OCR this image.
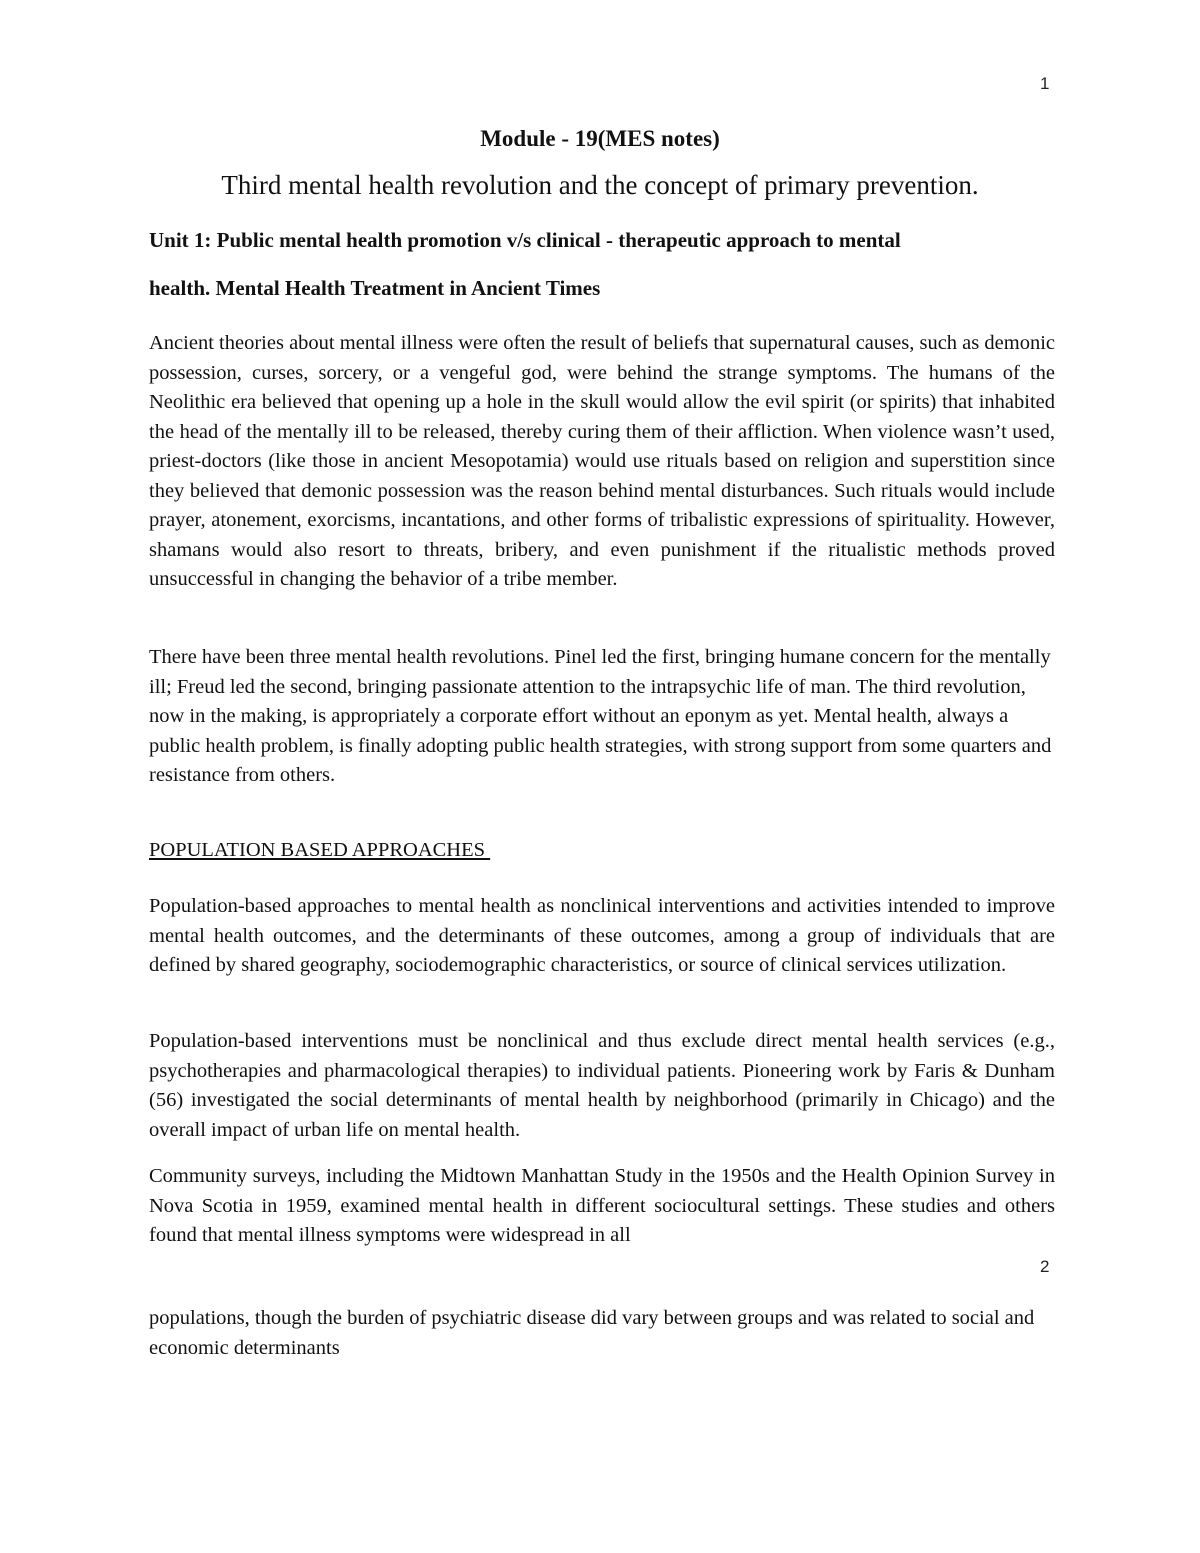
1
Module - 19(MES notes)
Third mental health revolution and the concept of primary prevention.
Unit 1: Public mental health promotion v/s clinical - therapeutic approach to mental
health. Mental Health Treatment in Ancient Times

Ancient theories about mental illness were often the result of beliefs that supernatural causes, such as demonic possession, curses, sorcery, or a vengeful god, were behind the strange symptoms. The humans of the Neolithic era believed that opening up a hole in the skull would allow the evil spirit (or spirits) that inhabited the head of the mentally ill to be released, thereby curing them of their affliction. When violence wasn’t used, priest-doctors (like those in ancient Mesopotamia) would use rituals based on religion and superstition since they believed that demonic possession was the reason behind mental disturbances. Such rituals would include prayer, atonement, exorcisms, incantations, and other forms of tribalistic expressions of spirituality. However, shamans would also resort to threats, bribery, and even punishment if the ritualistic methods proved unsuccessful in changing the behavior of a tribe member.

There have been three mental health revolutions. Pinel led the first, bringing humane concern for the mentally ill; Freud led the second, bringing passionate attention to the intrapsychic life of man. The third revolution, now in the making, is appropriately a corporate effort without an eponym as yet. Mental health, always a public health problem, is finally adopting public health strategies, with strong support from some quarters and resistance from others.

POPULATION BASED APPROACHES

Population-based approaches to mental health as nonclinical interventions and activities intended to improve mental health outcomes, and the determinants of these outcomes, among a group of individuals that are defined by shared geography, sociodemographic characteristics, or source of clinical services utilization.

Population-based interventions must be nonclinical and thus exclude direct mental health services (e.g., psychotherapies and pharmacological therapies) to individual patients. Pioneering work by Faris & Dunham (56) investigated the social determinants of mental health by neighborhood (primarily in Chicago) and the overall impact of urban life on mental health.

Community surveys, including the Midtown Manhattan Study in the 1950s and the Health Opinion Survey in Nova Scotia in 1959, examined mental health in different sociocultural settings. These studies and others found that mental illness symptoms were widespread in all

2

populations, though the burden of psychiatric disease did vary between groups and was related to social and economic determinants
